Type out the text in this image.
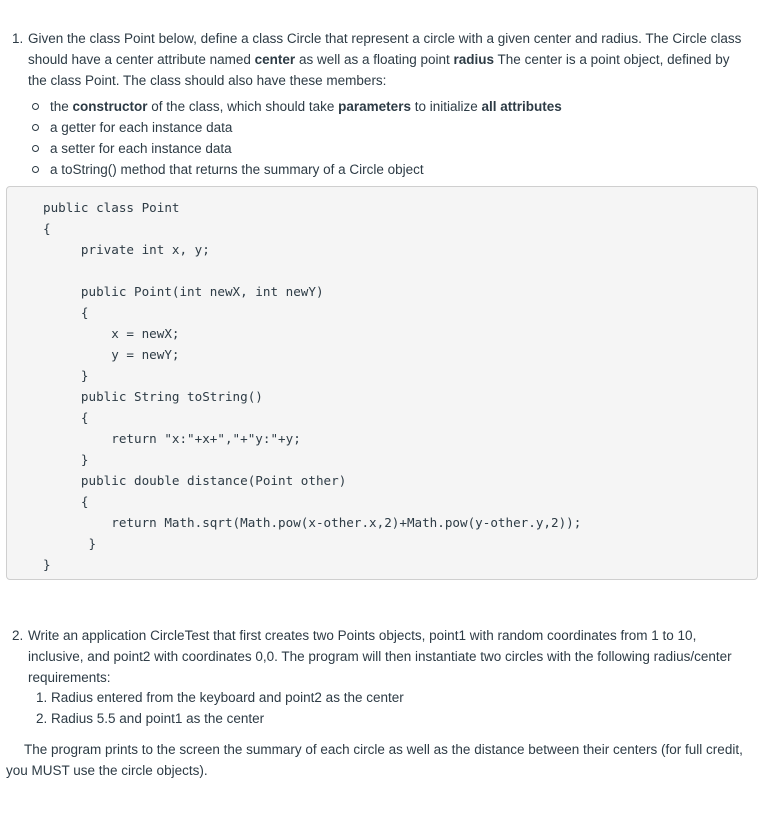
1. Given the class Point below, define a class Circle that represent a circle with a given center and radius. The Circle class should have a center attribute named center as well as a floating point radius The center is a point object, defined by the class Point. The class should also have these members:
the constructor of the class, which should take parameters to initialize all attributes
a getter for each instance data
a setter for each instance data
a toString() method that returns the summary of a Circle object
public class Point
{
private int x, y;

public Point(int newX, int newY)
{
x = newX;
y = newY;
}
public String toString()
{
return "x:"+x+","+"y:"+y;
}
public double distance(Point other)
{
return Math.sqrt(Math.pow(x-other.x,2)+Math.pow(y-other.y,2));
}
}
2. Write an application CircleTest that first creates two Points objects, point1 with random coordinates from 1 to 10, inclusive, and point2 with coordinates 0,0. The program will then instantiate two circles with the following radius/center requirements:
1. Radius entered from the keyboard and point2 as the center
2. Radius 5.5 and point1 as the center
The program prints to the screen the summary of each circle as well as the distance between their centers (for full credit, you MUST use the circle objects).
